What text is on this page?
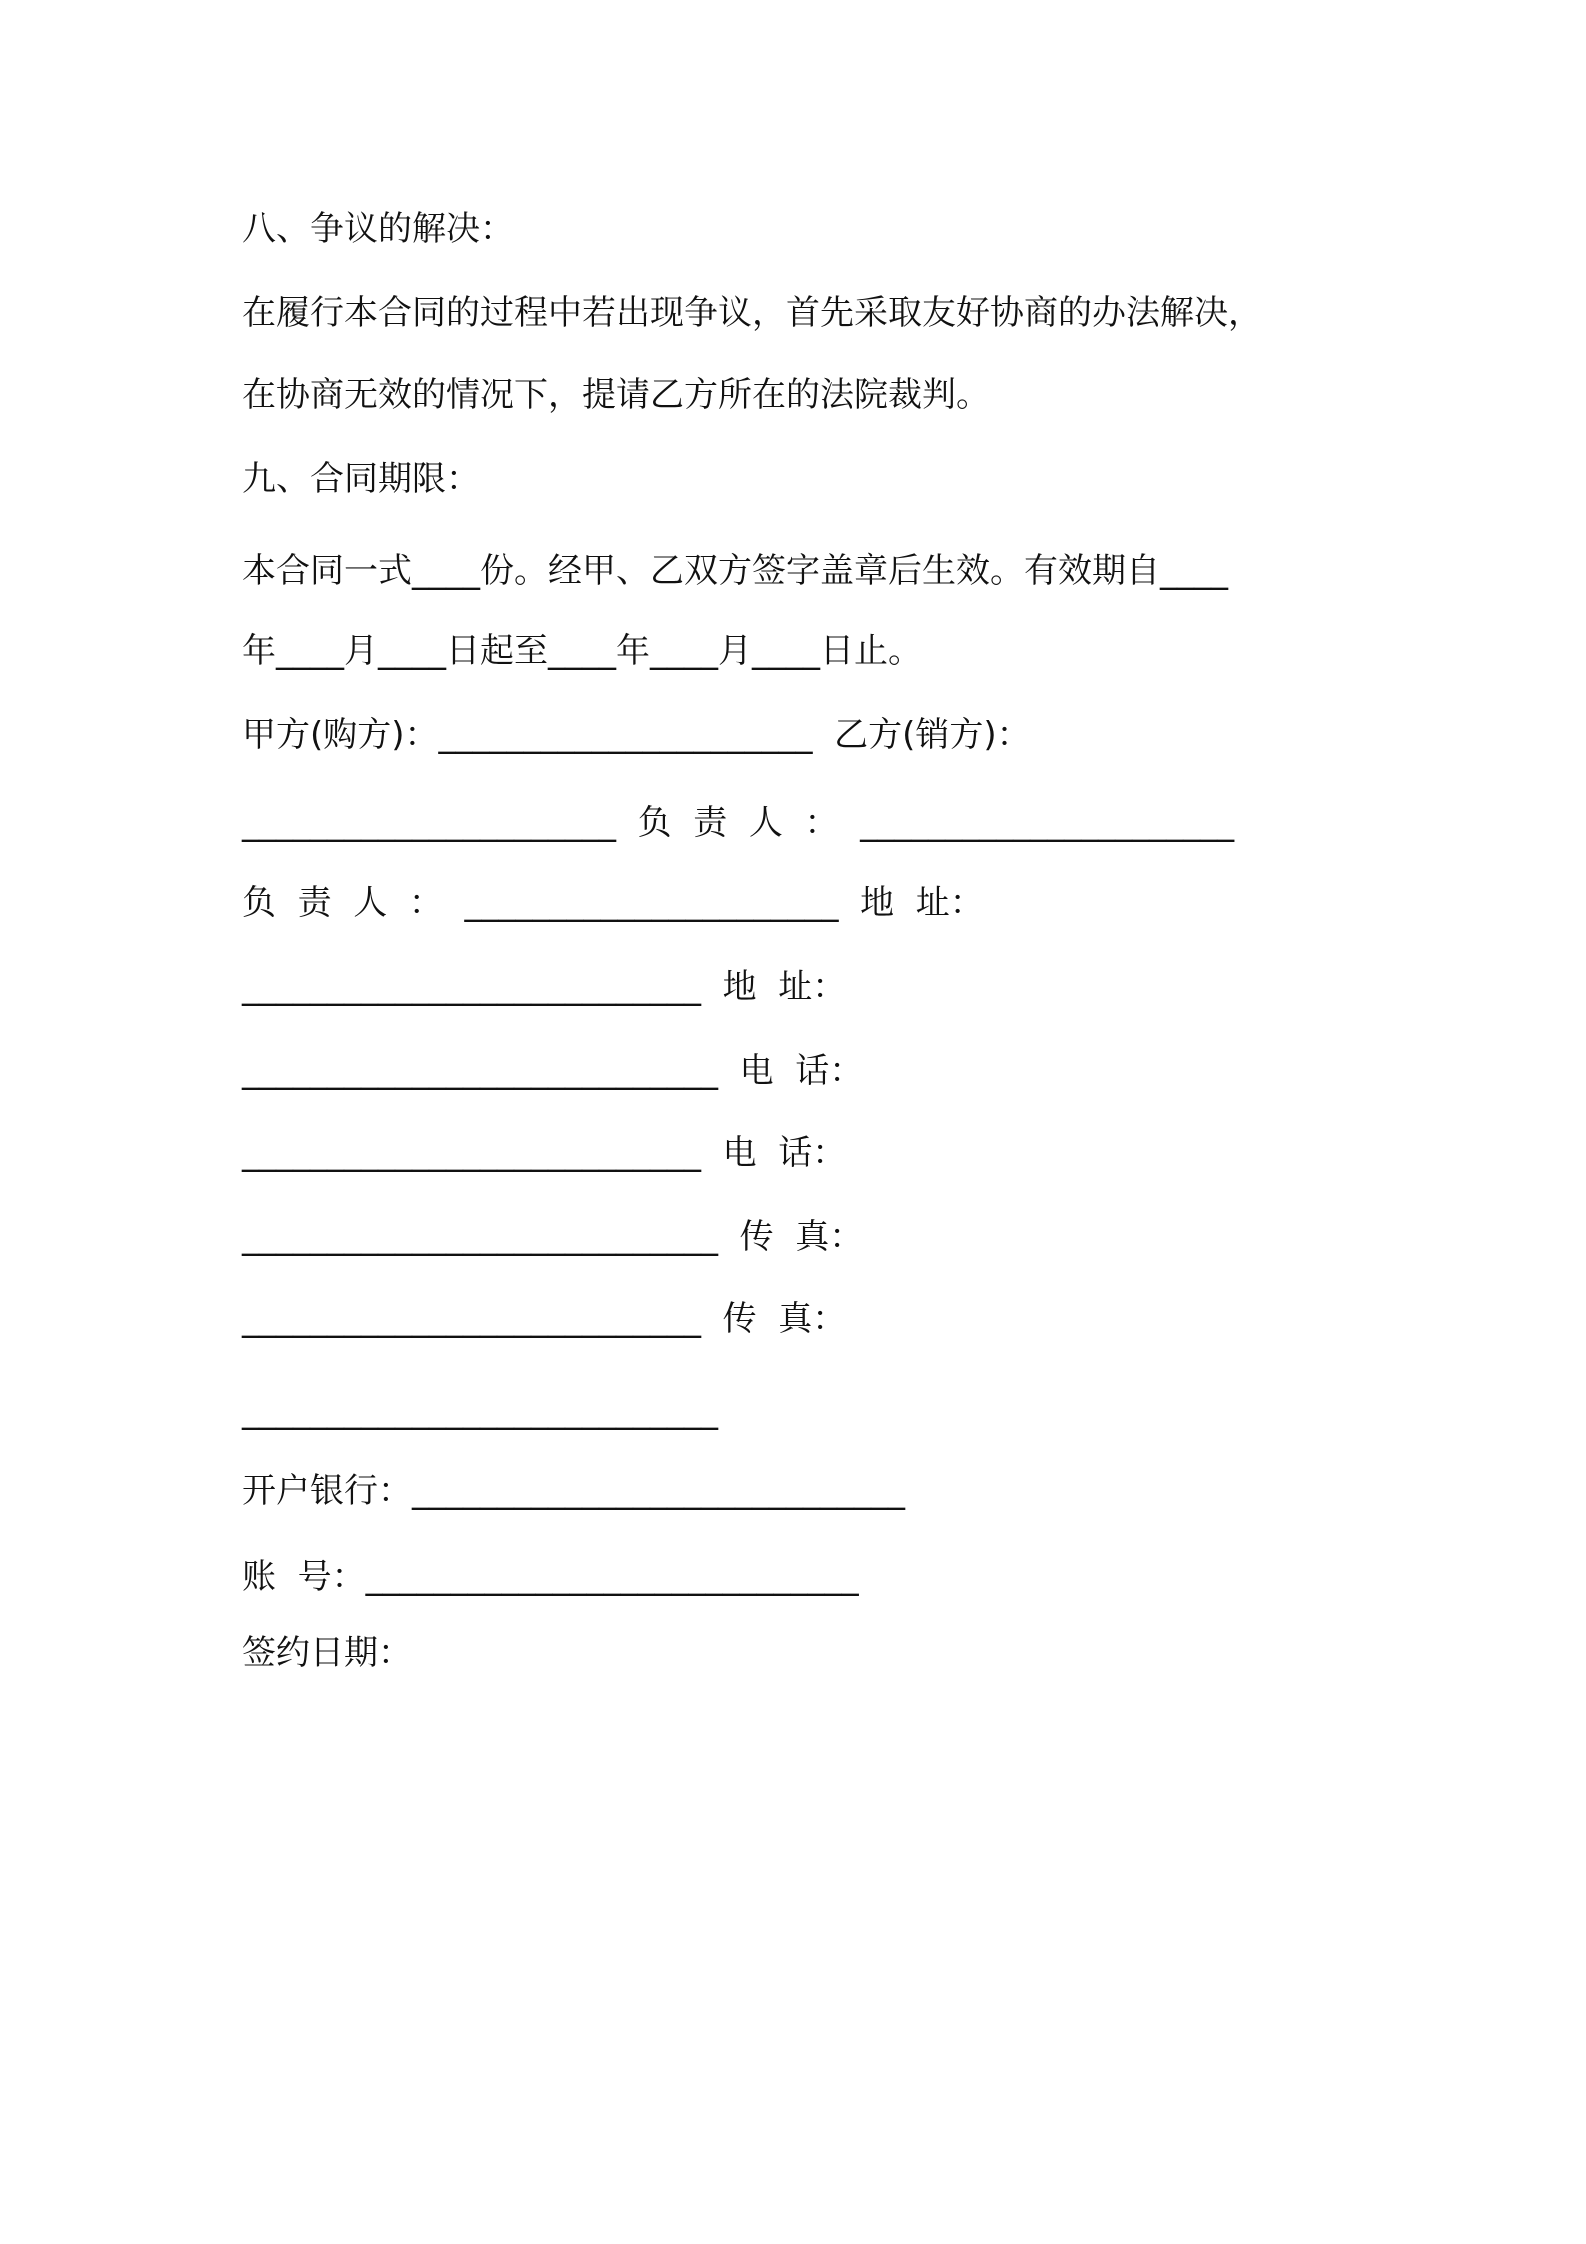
八、争议的解决：
在履行本合同的过程中若出现争议，首先采取友好协商的办法解决，
在协商无效的情况下，提请乙方所在的法院裁判。
九、合同期限：
本合同一式____份。经甲、乙双方签字盖章后生效。有效期自____
年____月____日起至____年____月____日止。
甲方(购方)：______________________  乙方(销方)：
______________________  负  责  人  ：  ______________________
负  责  人  ：  ______________________  地  址：
___________________________  地  址：
____________________________  电  话：
___________________________  电  话：
____________________________  传  真：
___________________________  传  真：
____________________________
开户银行：_____________________________
账  号：_____________________________
签约日期：
